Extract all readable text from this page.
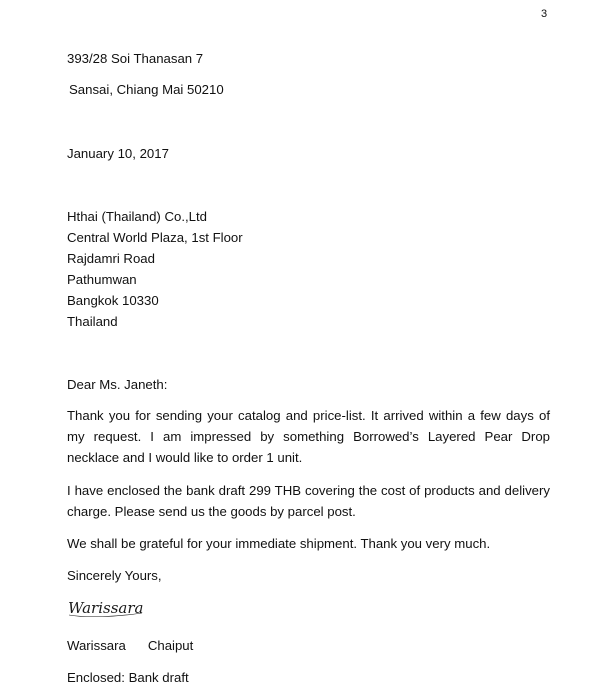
3
393/28 Soi Thanasan 7
Sansai, Chiang Mai 50210
January 10, 2017
Hthai (Thailand) Co.,Ltd
Central World Plaza, 1st Floor
Rajdamri Road
Pathumwan
Bangkok 10330
Thailand
Dear Ms. Janeth:
Thank you for sending your catalog and price-list. It arrived within a few days of my request. I am impressed by something Borrowed’s Layered Pear Drop necklace and I would like to order 1 unit.
I have enclosed the bank draft 299 THB covering the cost of products and delivery charge. Please send us the goods by parcel post.
We shall be grateful for your immediate shipment. Thank you very much.
Sincerely Yours,
Warissara
Warissara      Chaiput
Enclosed: Bank draft
